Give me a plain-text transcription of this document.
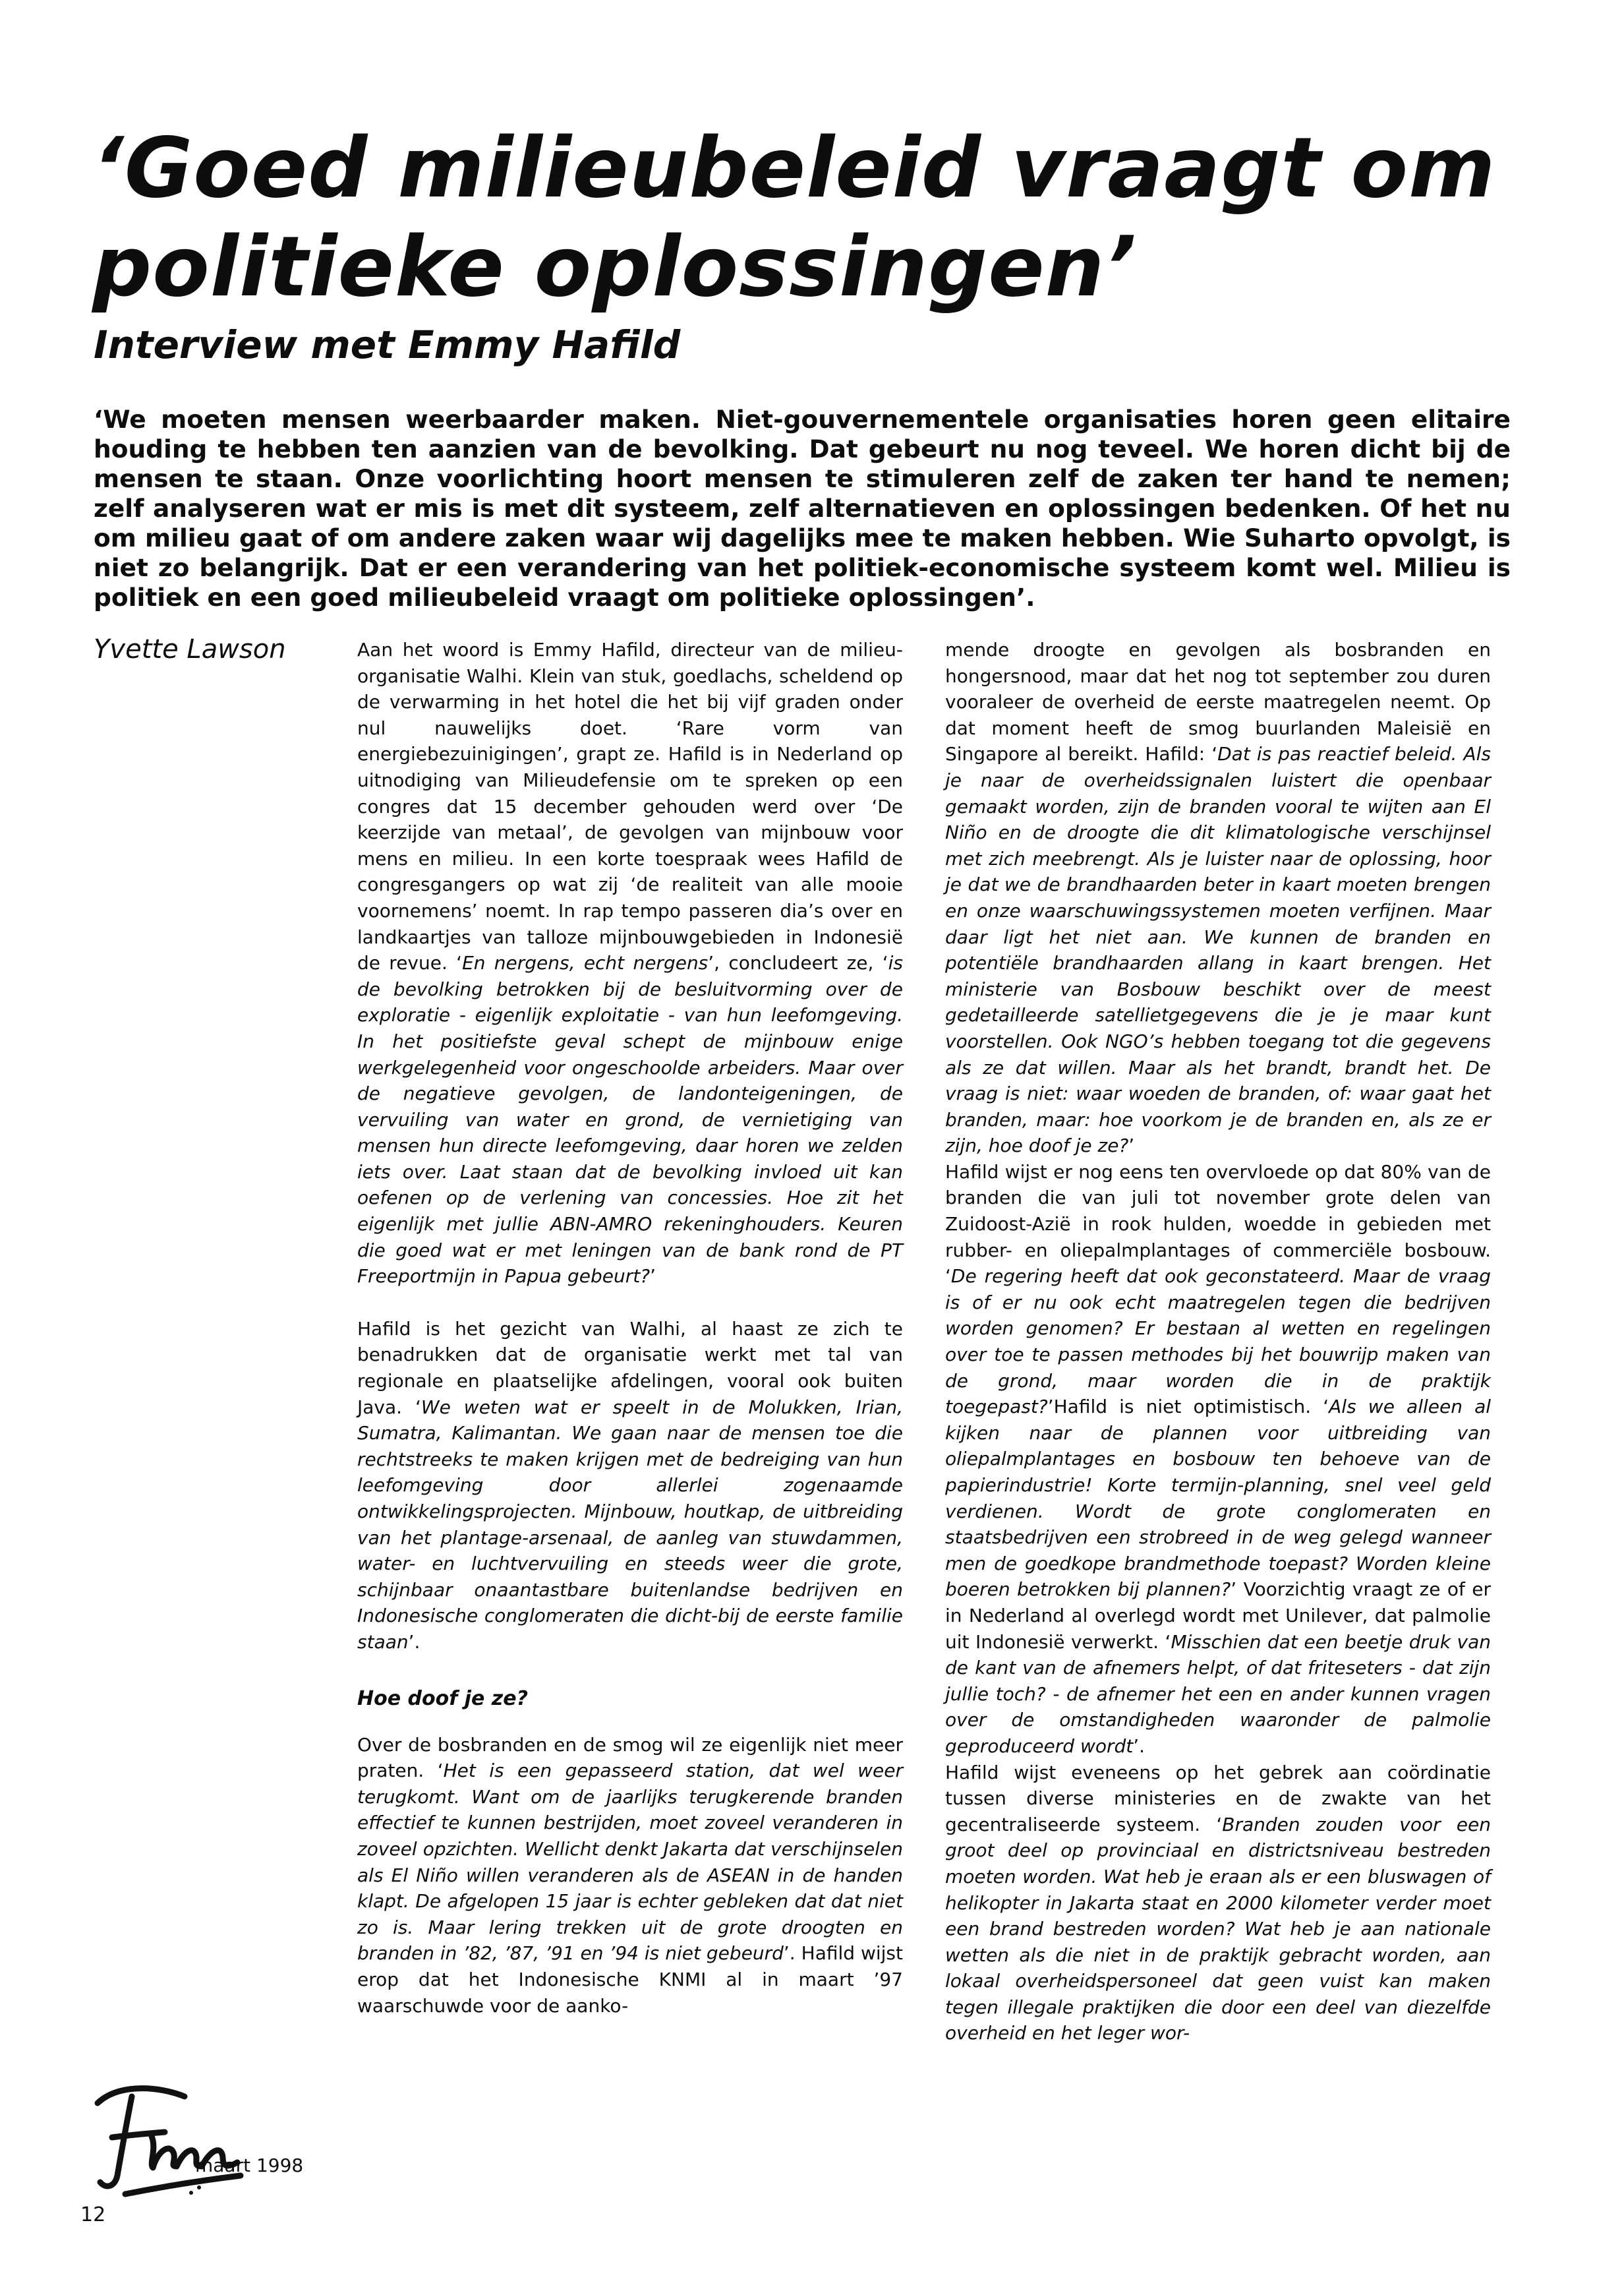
‘Goed milieubeleid vraagt om politieke oplossingen’
Interview met Emmy Hafild

‘We moeten mensen weerbaarder maken. Niet-gouvernementele organisaties horen geen elitaire houding te hebben ten aanzien van de bevolking. Dat gebeurt nu nog teveel. We horen dicht bij de mensen te staan. Onze voorlichting hoort mensen te stimuleren zelf de zaken ter hand te nemen; zelf analyseren wat er mis is met dit systeem, zelf alternatieven en oplossingen bedenken. Of het nu om milieu gaat of om andere zaken waar wij dagelijks mee te maken hebben. Wie Suharto opvolgt, is niet zo belangrijk. Dat er een verandering van het politiek-economische systeem komt wel. Milieu is politiek en een goed milieubeleid vraagt om politieke oplossingen’.

Yvette Lawson	Aan het woord is Emmy Hafild, directeur van de milieu-organisatie Walhi. Klein van stuk, goedlachs, scheldend op de verwarming in het hotel die het bij vijf graden onder nul nauwelijks doet. ‘Rare vorm van energiebezuinigingen’, grapt ze. Hafild is in Nederland op uitnodiging van Milieudefensie om te spreken op een congres dat 15 december gehouden werd over ‘De keerzijde van metaal’, de gevolgen van mijnbouw voor mens en milieu. In een korte toespraak wees Hafild de congresgangers op wat zij ‘de realiteit van alle mooie voornemens’ noemt. In rap tempo passeren dia’s over en landkaartjes van talloze mijnbouwgebieden in Indonesië de revue. ‘En nergens, echt nergens’, concludeert ze, ‘is de bevolking betrokken bij de besluitvorming over de exploratie - eigenlijk exploitatie - van hun leefomgeving. In het positiefste geval schept de mijnbouw enige werkgelegenheid voor ongeschoolde arbeiders. Maar over de negatieve gevolgen, de landonteigeningen, de vervuiling van water en grond, de vernietiging van mensen hun directe leefomgeving, daar horen we zelden iets over. Laat staan dat de bevolking invloed uit kan oefenen op de verlening van concessies. Hoe zit het eigenlijk met jullie ABN-AMRO rekeninghouders. Keuren die goed wat er met leningen van de bank rond de PT Freeportmijn in Papua gebeurt?’

Hafild is het gezicht van Walhi, al haast ze zich te benadrukken dat de organisatie werkt met tal van regionale en plaatselijke afdelingen, vooral ook buiten Java. ‘We weten wat er speelt in de Molukken, Irian, Sumatra, Kalimantan. We gaan naar de mensen toe die rechtstreeks te maken krijgen met de bedreiging van hun leefomgeving door allerlei zogenaamde ontwikkelingsprojecten. Mijnbouw, houtkap, de uitbreiding van het plantage-arsenaal, de aanleg van stuwdammen, water- en luchtvervuiling en steeds weer die grote, schijnbaar onaantastbare buitenlandse bedrijven en Indonesische conglomeraten die dicht-bij de eerste familie staan’.

Hoe doof je ze?

Over de bosbranden en de smog wil ze eigenlijk niet meer praten. ‘Het is een gepasseerd station, dat wel weer terugkomt. Want om de jaarlijks terugkerende branden effectief te kunnen bestrijden, moet zoveel veranderen in zoveel opzichten. Wellicht denkt Jakarta dat verschijnselen als El Niño willen veranderen als de ASEAN in de handen klapt. De afgelopen 15 jaar is echter gebleken dat dat niet zo is. Maar lering trekken uit de grote droogten en branden in ’82, ’87, ’91 en ’94 is niet gebeurd’. Hafild wijst erop dat het Indonesische KNMI al in maart ’97 waarschuwde voor de aanko-

mende droogte en gevolgen als bosbranden en hongersnood, maar dat het nog tot september zou duren vooraleer de overheid de eerste maatregelen neemt. Op dat moment heeft de smog buurlanden Maleisië en Singapore al bereikt. Hafild: ‘Dat is pas reactief beleid. Als je naar de overheidssignalen luistert die openbaar gemaakt worden, zijn de branden vooral te wijten aan El Niño en de droogte die dit klimatologische verschijnsel met zich meebrengt. Als je luister naar de oplossing, hoor je dat we de brandhaarden beter in kaart moeten brengen en onze waarschuwingssystemen moeten verfijnen. Maar daar ligt het niet aan. We kunnen de branden en potentiële brandhaarden allang in kaart brengen. Het ministerie van Bosbouw beschikt over de meest gedetailleerde satellietgegevens die je je maar kunt voorstellen. Ook NGO’s hebben toegang tot die gegevens als ze dat willen. Maar als het brandt, brandt het. De vraag is niet: waar woeden de branden, of: waar gaat het branden, maar: hoe voorkom je de branden en, als ze er zijn, hoe doof je ze?’

Hafild wijst er nog eens ten overvloede op dat 80% van de branden die van juli tot november grote delen van Zuidoost-Azië in rook hulden, woedde in gebieden met rubber- en oliepalmplantages of commerciële bosbouw. ‘De regering heeft dat ook geconstateerd. Maar de vraag is of er nu ook echt maatregelen tegen die bedrijven worden genomen? Er bestaan al wetten en regelingen over toe te passen methodes bij het bouwrijp maken van de grond, maar worden die in de praktijk toegepast?’Hafild is niet optimistisch. ‘Als we alleen al kijken naar de plannen voor uitbreiding van oliepalmplantages en bosbouw ten behoeve van de papierindustrie! Korte termijn-planning, snel veel geld verdienen. Wordt de grote conglomeraten en staatsbedrijven een strobreed in de weg gelegd wanneer men de goedkope brandmethode toepast? Worden kleine boeren betrokken bij plannen?’ Voorzichtig vraagt ze of er in Nederland al overlegd wordt met Unilever, dat palmolie uit Indonesië verwerkt. ‘Misschien dat een beetje druk van de kant van de afnemers helpt, of dat friteseters - dat zijn jullie toch? - de afnemer het een en ander kunnen vragen over de omstandigheden waaronder de palmolie geproduceerd wordt’.

Hafild wijst eveneens op het gebrek aan coördinatie tussen diverse ministeries en de zwakte van het gecentraliseerde systeem. ‘Branden zouden voor een groot deel op provinciaal en districtsniveau bestreden moeten worden. Wat heb je eraan als er een bluswagen of helikopter in Jakarta staat en 2000 kilometer verder moet een brand bestreden worden? Wat heb je aan nationale wetten als die niet in de praktijk gebracht worden, aan lokaal overheidspersoneel dat geen vuist kan maken tegen illegale praktijken die door een deel van diezelfde overheid en het leger wor-

maart 1998
12
